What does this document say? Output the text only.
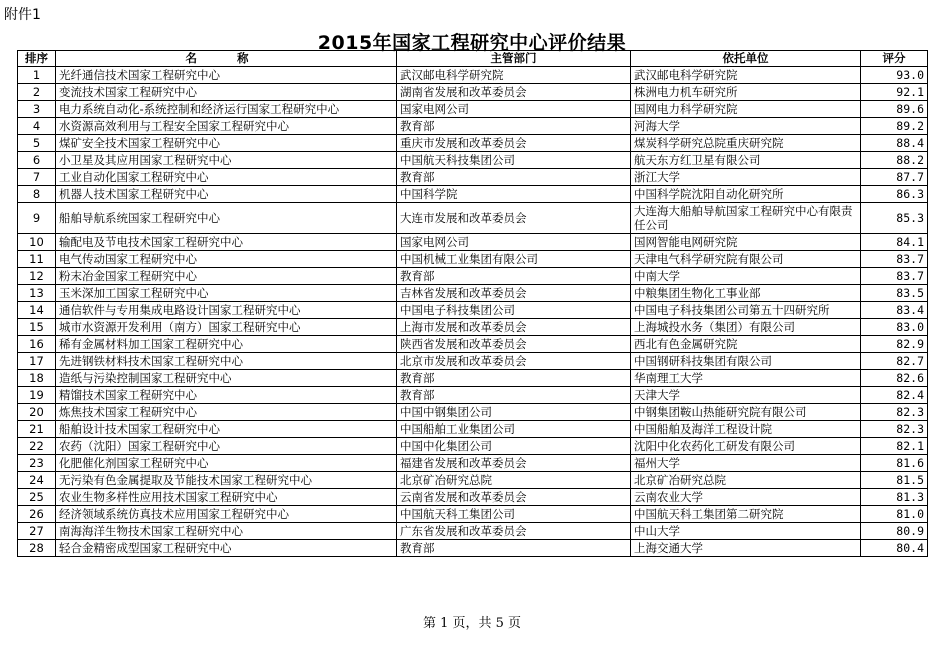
附件1
2015年国家工程研究中心评价结果
排序	名 称	主管部门	依托单位	评分
1	光纤通信技术国家工程研究中心	武汉邮电科学研究院	武汉邮电科学研究院	93.0
2	变流技术国家工程研究中心	湖南省发展和改革委员会	株洲电力机车研究所	92.1
3	电力系统自动化-系统控制和经济运行国家工程研究中心	国家电网公司	国网电力科学研究院	89.6
4	水资源高效利用与工程安全国家工程研究中心	教育部	河海大学	89.2
5	煤矿安全技术国家工程研究中心	重庆市发展和改革委员会	煤炭科学研究总院重庆研究院	88.4
6	小卫星及其应用国家工程研究中心	中国航天科技集团公司	航天东方红卫星有限公司	88.2
7	工业自动化国家工程研究中心	教育部	浙江大学	87.7
8	机器人技术国家工程研究中心	中国科学院	中国科学院沈阳自动化研究所	86.3
9	船舶导航系统国家工程研究中心	大连市发展和改革委员会	大连海大船舶导航国家工程研究中心有限责任公司	85.3
10	输配电及节电技术国家工程研究中心	国家电网公司	国网智能电网研究院	84.1
11	电气传动国家工程研究中心	中国机械工业集团有限公司	天津电气科学研究院有限公司	83.7
12	粉末冶金国家工程研究中心	教育部	中南大学	83.7
13	玉米深加工国家工程研究中心	吉林省发展和改革委员会	中粮集团生物化工事业部	83.5
14	通信软件与专用集成电路设计国家工程研究中心	中国电子科技集团公司	中国电子科技集团公司第五十四研究所	83.4
15	城市水资源开发利用（南方）国家工程研究中心	上海市发展和改革委员会	上海城投水务（集团）有限公司	83.0
16	稀有金属材料加工国家工程研究中心	陕西省发展和改革委员会	西北有色金属研究院	82.9
17	先进钢铁材料技术国家工程研究中心	北京市发展和改革委员会	中国钢研科技集团有限公司	82.7
18	造纸与污染控制国家工程研究中心	教育部	华南理工大学	82.6
19	精馏技术国家工程研究中心	教育部	天津大学	82.4
20	炼焦技术国家工程研究中心	中国中钢集团公司	中钢集团鞍山热能研究院有限公司	82.3
21	船舶设计技术国家工程研究中心	中国船舶工业集团公司	中国船舶及海洋工程设计院	82.3
22	农药（沈阳）国家工程研究中心	中国中化集团公司	沈阳中化农药化工研发有限公司	82.1
23	化肥催化剂国家工程研究中心	福建省发展和改革委员会	福州大学	81.6
24	无污染有色金属提取及节能技术国家工程研究中心	北京矿冶研究总院	北京矿冶研究总院	81.5
25	农业生物多样性应用技术国家工程研究中心	云南省发展和改革委员会	云南农业大学	81.3
26	经济领域系统仿真技术应用国家工程研究中心	中国航天科工集团公司	中国航天科工集团第二研究院	81.0
27	南海海洋生物技术国家工程研究中心	广东省发展和改革委员会	中山大学	80.9
28	轻合金精密成型国家工程研究中心	教育部	上海交通大学	80.4
第 1 页，共 5 页
